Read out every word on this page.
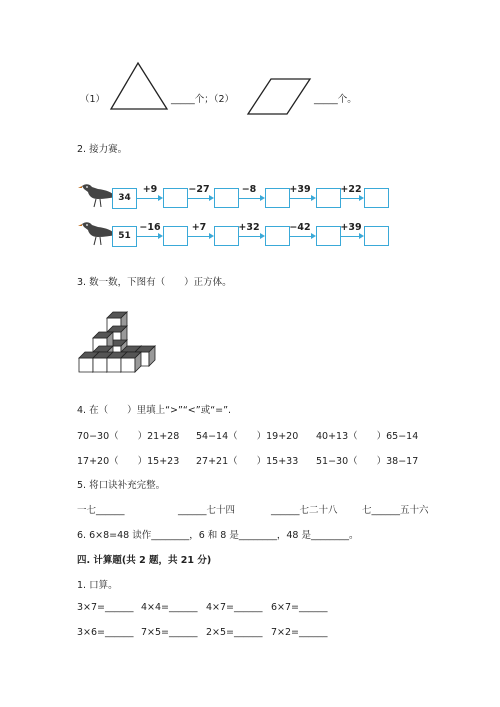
（1）	_____个；（2）	_____个。
2. 接力赛。
34
+9	−27	−8	+39	+22
51
−16	+7	+32	−42	+39
3. 数一数，下图有（　　）正方体。
4. 在（　　）里填上“>”“<”或“=”.
70−30（　　）21+28 54−14（　　）19+20 40+13（　　）65−14
17+20（　　）15+23 27+21（　　）15+33 51−30（　　）38−17
5. 将口诀补充完整。
一七______	______七十四	______七二十八	七______五十六
6. 6×8=48 读作________，6 和 8 是________，48 是________。
四. 计算题(共 2 题，共 21 分)
1. 口算。
3×7=______ 4×4=______ 4×7=______ 6×7=______
3×6=______ 7×5=______ 2×5=______ 7×2=______
